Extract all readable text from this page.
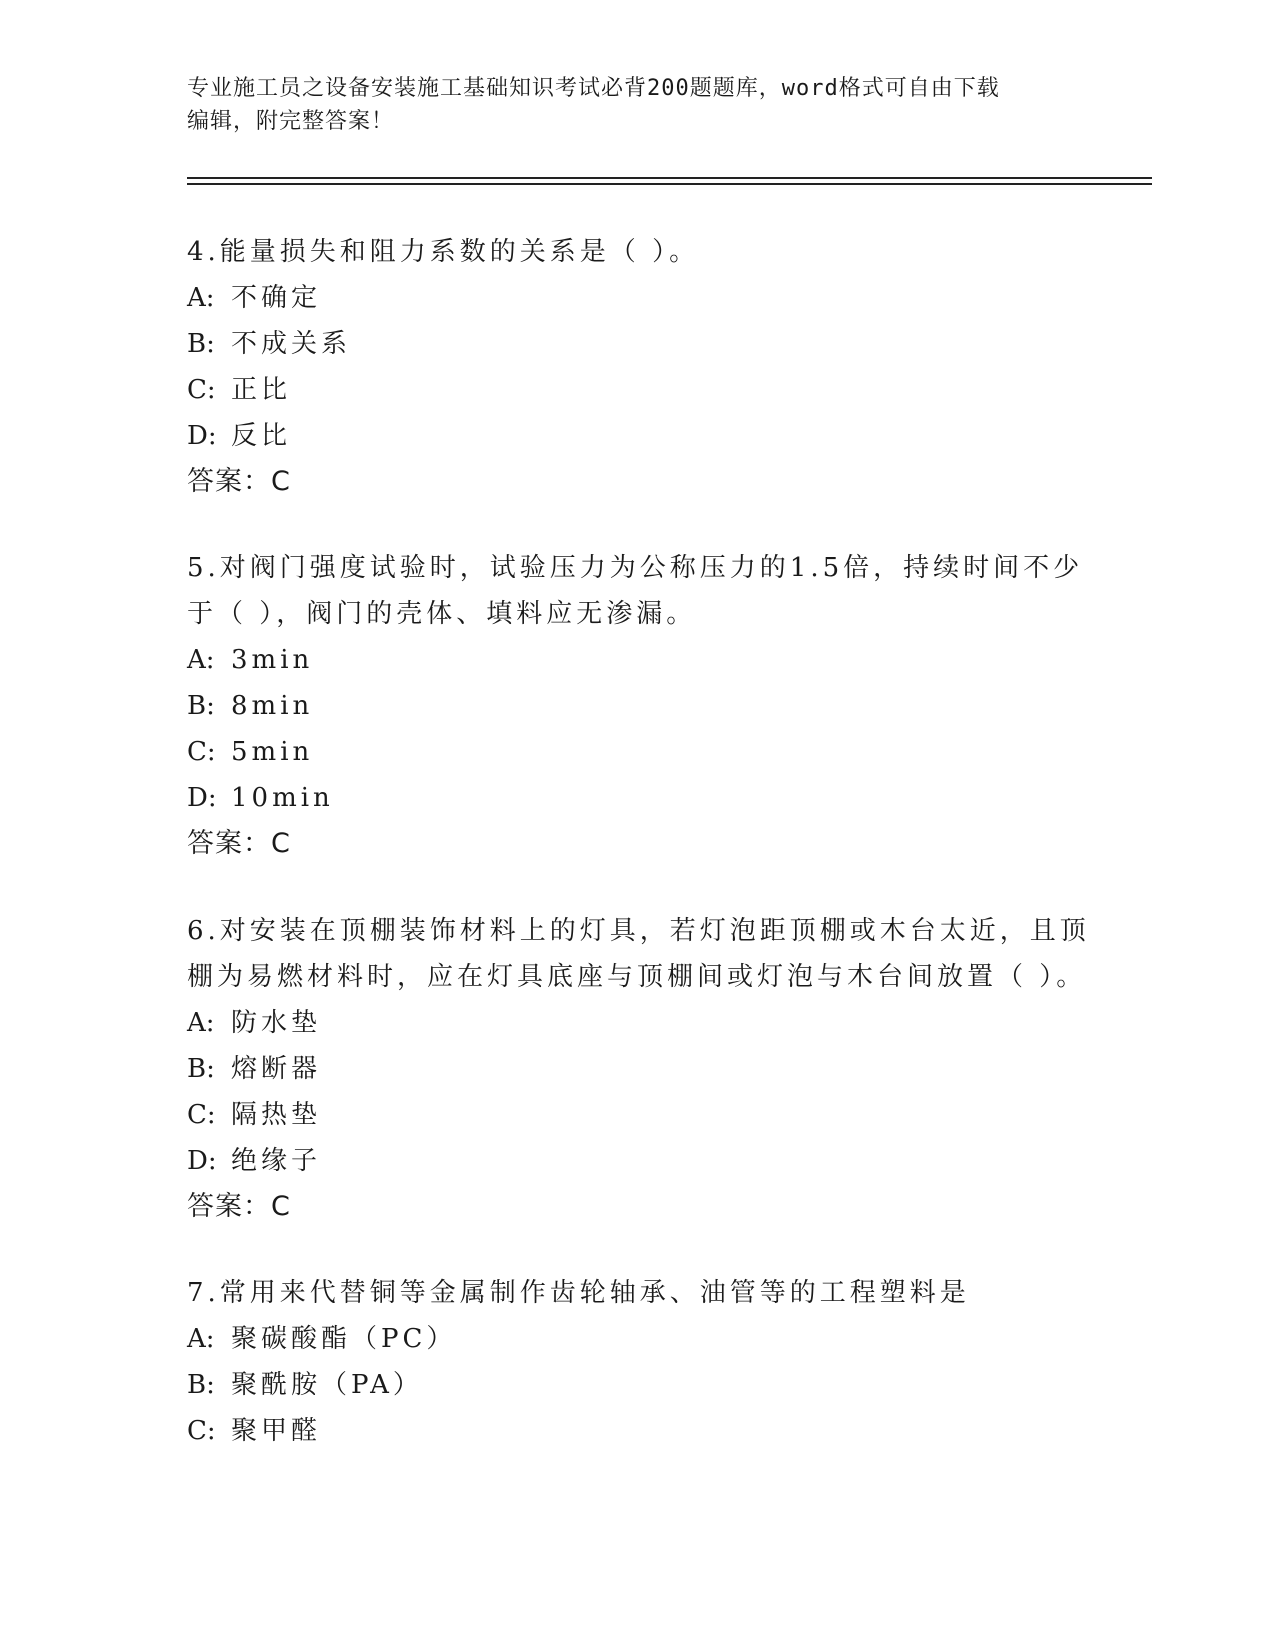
专业施工员之设备安装施工基础知识考试必背200题题库，word格式可自由下载
编辑，附完整答案！
4.能量损失和阻力系数的关系是（ ）。
A: 不确定
B: 不成关系
C: 正比
D: 反比
答案：C
5.对阀门强度试验时，试验压力为公称压力的1.5倍，持续时间不少
于（ ），阀门的壳体、填料应无渗漏。
A: 3min
B: 8min
C: 5min
D: 10min
答案：C
6.对安装在顶棚装饰材料上的灯具，若灯泡距顶棚或木台太近，且顶
棚为易燃材料时，应在灯具底座与顶棚间或灯泡与木台间放置（ ）。
A: 防水垫
B: 熔断器
C: 隔热垫
D: 绝缘子
答案：C
7.常用来代替铜等金属制作齿轮轴承、油管等的工程塑料是
A: 聚碳酸酯（PC）
B: 聚酰胺（PA）
C: 聚甲醛
